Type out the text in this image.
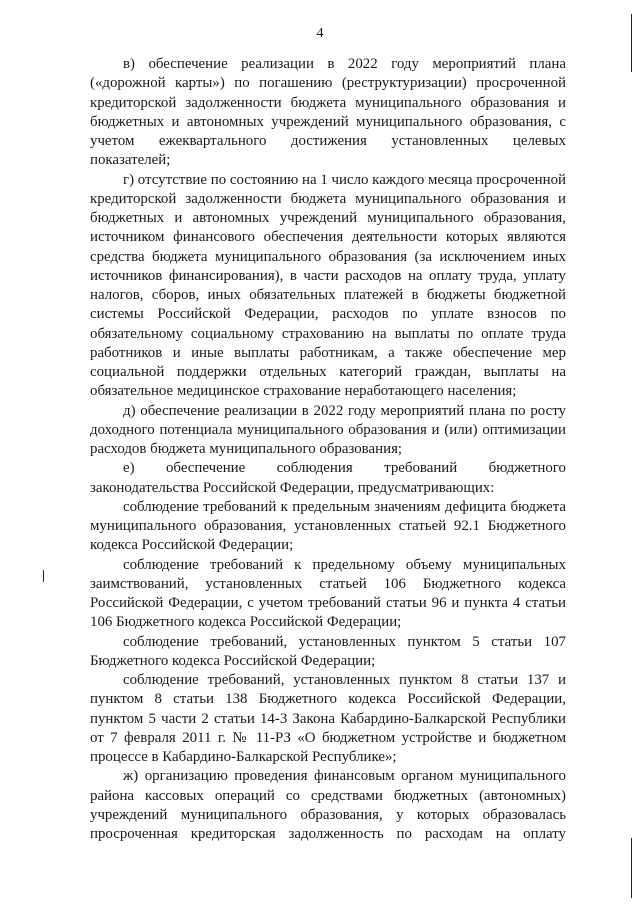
4

в) обеспечение реализации в 2022 году мероприятий плана («дорожной карты») по погашению (реструктуризации) просроченной кредиторской задолженности бюджета муниципального образования и бюджетных и автономных учреждений муниципального образования, с учетом ежеквартального достижения установленных целевых показателей;

г) отсутствие по состоянию на 1 число каждого месяца просроченной кредиторской задолженности бюджета муниципального образования и бюджетных и автономных учреждений муниципального образования, источником финансового обеспечения деятельности которых являются средства бюджета муниципального образования (за исключением иных источников финансирования), в части расходов на оплату труда, уплату налогов, сборов, иных обязательных платежей в бюджеты бюджетной системы Российской Федерации, расходов по уплате взносов по обязательному социальному страхованию на выплаты по оплате труда работников и иные выплаты работникам, а также обеспечение мер социальной поддержки отдельных категорий граждан, выплаты на обязательное медицинское страхование неработающего населения;

д) обеспечение реализации в 2022 году мероприятий плана по росту доходного потенциала муниципального образования и (или) оптимизации расходов бюджета муниципального образования;

е) обеспечение соблюдения требований бюджетного законодательства Российской Федерации, предусматривающих:

соблюдение требований к предельным значениям дефицита бюджета муниципального образования, установленных статьей 92.1 Бюджетного кодекса Российской Федерации;

соблюдение требований к предельному объему муниципальных заимствований, установленных статьей 106 Бюджетного кодекса Российской Федерации, с учетом требований статьи 96 и пункта 4 статьи 106 Бюджетного кодекса Российской Федерации;

соблюдение требований, установленных пунктом 5 статьи 107 Бюджетного кодекса Российской Федерации;

соблюдение требований, установленных пунктом 8 статьи 137 и пунктом 8 статьи 138 Бюджетного кодекса Российской Федерации, пунктом 5 части 2 статьи 14-3 Закона Кабардино-Балкарской Республики от 7 февраля 2011 г. № 11-РЗ «О бюджетном устройстве и бюджетном процессе в Кабардино-Балкарской Республике»;

ж) организацию проведения финансовым органом муниципального района кассовых операций со средствами бюджетных (автономных) учреждений муниципального образования, у которых образовалась просроченная кредиторская задолженность по расходам на оплату
